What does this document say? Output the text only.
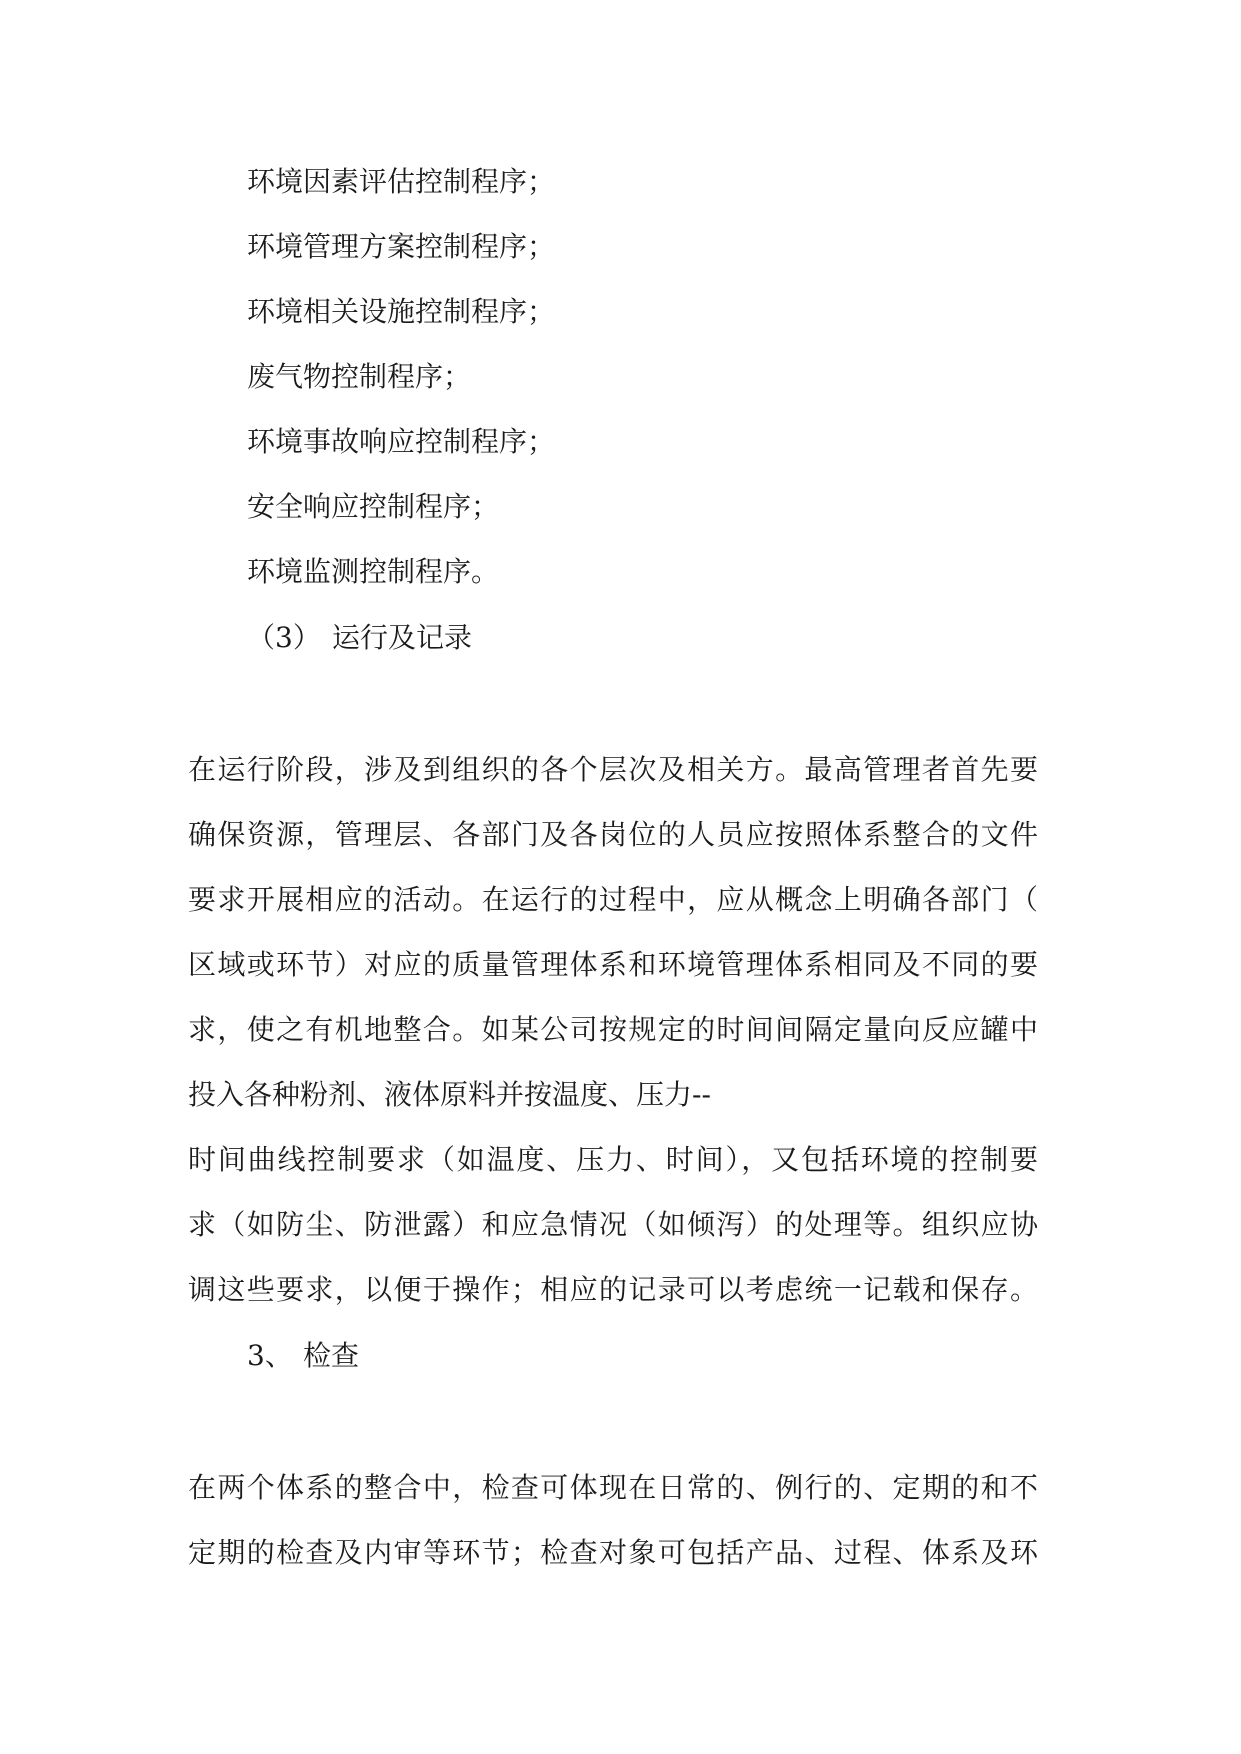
环境因素评估控制程序；

环境管理方案控制程序；

环境相关设施控制程序；

废气物控制程序；

环境事故响应控制程序；

安全响应控制程序；

环境监测控制程序。

（3） 运行及记录

在运行阶段，涉及到组织的各个层次及相关方。最高管理者首先要

确保资源，管理层、各部门及各岗位的人员应按照体系整合的文件

要求开展相应的活动。在运行的过程中，应从概念上明确各部门（

区域或环节）对应的质量管理体系和环境管理体系相同及不同的要

求，使之有机地整合。如某公司按规定的时间间隔定量向反应罐中

投入各种粉剂、液体原料并按温度、压力--

时间曲线控制要求（如温度、压力、时间），又包括环境的控制要

求（如防尘、防泄露）和应急情况（如倾泻）的处理等。组织应协

调这些要求，以便于操作；相应的记录可以考虑统一记载和保存。

3、 检查

在两个体系的整合中，检查可体现在日常的、例行的、定期的和不

定期的检查及内审等环节；检查对象可包括产品、过程、体系及环
